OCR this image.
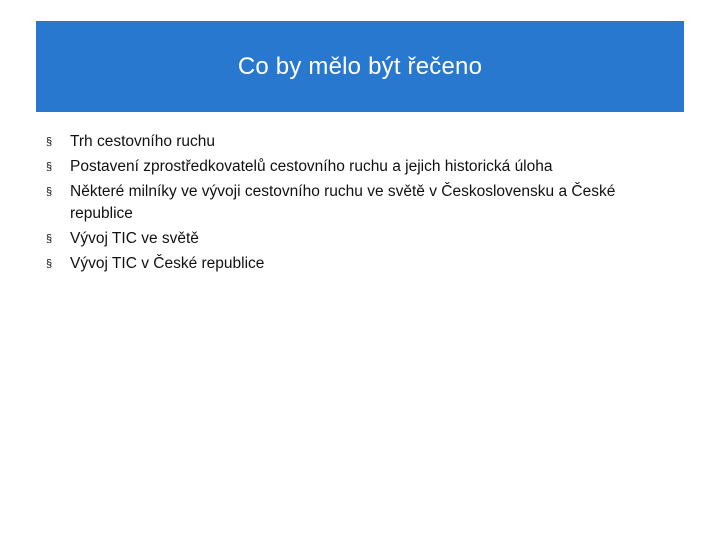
Co by mělo být řečeno
§ Trh cestovního ruchu
§ Postavení zprostředkovatelů cestovního ruchu a jejich historická úloha
§ Některé milníky ve vývoji cestovního ruchu ve světě v Československu a České republice
§ Vývoj TIC ve světě
§ Vývoj TIC v České republice
